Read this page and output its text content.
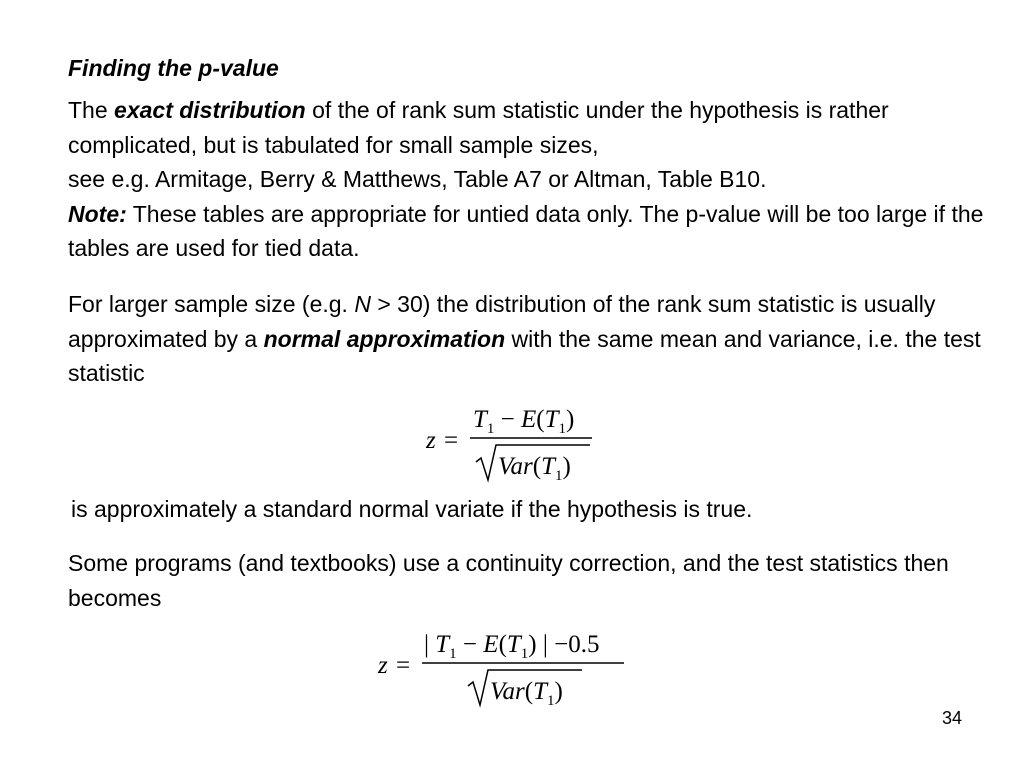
Finding the p-value

The exact distribution of the of rank sum statistic under the hypothesis is rather complicated, but is tabulated for small sample sizes,
see e.g. Armitage, Berry & Matthews, Table A7 or Altman, Table B10.
Note: These tables are appropriate for untied data only. The p-value will be too large if the tables are used for tied data.

For larger sample size (e.g. N > 30) the distribution of the rank sum statistic is usually approximated by a normal approximation with the same mean and variance, i.e. the test statistic

z =
$T_1 - E(T_1)$
$Var(T_1)$

is approximately a standard normal variate if the hypothesis is true.

Some programs (and textbooks) use a continuity correction, and the test statistics then becomes

z =
| $T_1 - E(T_1)$ | −0.5
$Var(T_1)$
34
